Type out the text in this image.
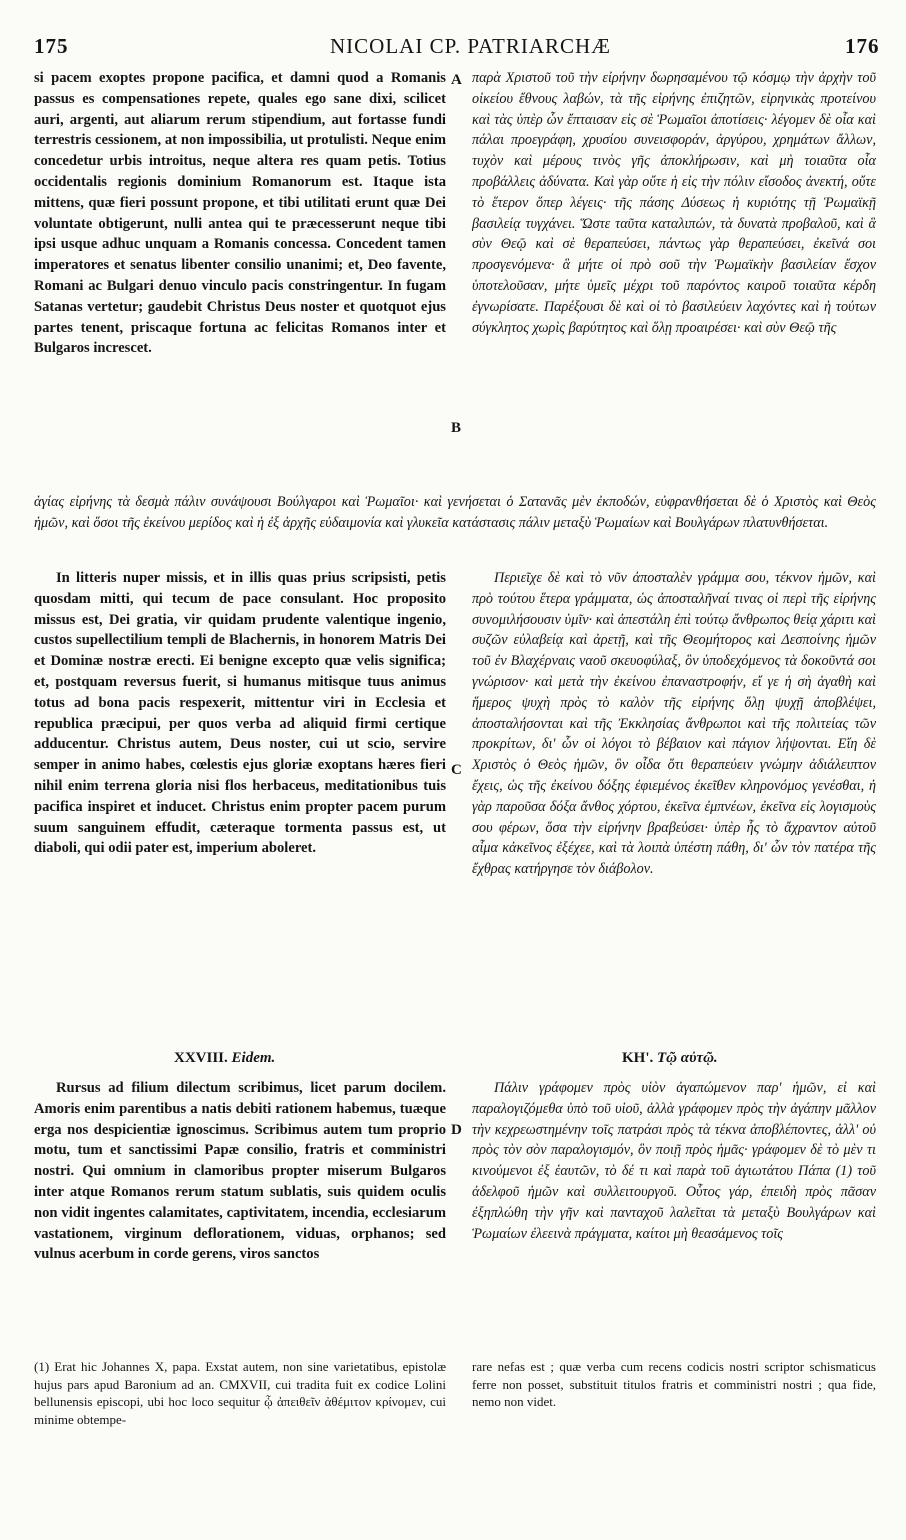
175	NICOLAI CP. PATRIARCHÆ	176
A
B
C
D

si pacem exoptes propone pacifica, et damni quod a Romanis passus es compensationes repete, quales ego sane dixi, scilicet auri, argenti, aut aliarum rerum stipendium, aut fortasse fundi terrestris cessionem, at non impossibilia, ut protulisti. Neque enim concedetur urbis introitus, neque altera res quam petis. Totius occidentalis regionis dominium Romanorum est. Itaque ista mittens, quæ fieri possunt propone, et tibi utilitati erunt quæ Dei voluntate obtigerunt, nulli antea qui te præcesserunt neque tibi ipsi usque adhuc unquam a Romanis concessa. Concedent tamen imperatores et senatus libenter consilio unanimi; et, Deo favente, Romani ac Bulgari denuo vinculo pacis constringentur. In fugam Satanas vertetur; gaudebit Christus Deus noster et quotquot ejus partes tenent, priscaque fortuna ac felicitas Romanos inter et Bulgaros increscet.

παρὰ Χριστοῦ τοῦ τὴν εἰρήνην δωρησαμένου τῷ κόσμῳ τὴν ἀρχὴν τοῦ οἰκείου ἔθνους λαβών, τὰ τῆς εἰρήνης ἐπιζητῶν, εἰρηνικὰς προτείνου καὶ τὰς ὑπὲρ ὧν ἔπταισαν εἰς σὲ Ῥωμαῖοι ἀποτίσεις· λέγομεν δὲ οἷα καὶ πάλαι προεγράφη, χρυσίου συνεισφοράν, ἀργύρου, χρημάτων ἄλλων, τυχὸν καὶ μέρους τινὸς γῆς ἀποκλήρωσιν, καὶ μὴ τοιαῦτα οἷα προβάλλεις ἀδύνατα. Καὶ γὰρ οὔτε ἡ εἰς τὴν πόλιν εἴσοδος ἀνεκτή, οὔτε τὸ ἕτερον ὅπερ λέγεις· τῆς πάσης Δύσεως ἡ κυριότης τῇ Ῥωμαϊκῇ βασιλείᾳ τυγχάνει. Ὥστε ταῦτα καταλιπών, τὰ δυνατὰ προβαλοῦ, καὶ ἃ σὺν Θεῷ καὶ σὲ θεραπεύσει, πάντως γὰρ θεραπεύσει, ἐκεῖνά σοι προσγενόμενα· ἃ μήτε οἱ πρὸ σοῦ τὴν Ῥωμαϊκὴν βασιλείαν ἔσχον ὑποτελοῦσαν, μήτε ὑμεῖς μέχρι τοῦ παρόντος καιροῦ τοιαῦτα κέρδη ἐγνωρίσατε. Παρέξουσι δὲ καὶ οἱ τὸ βασιλεύειν λαχόντες καὶ ἡ τούτων σύγκλητος χωρὶς βαρύτητος καὶ ὅλῃ προαιρέσει· καὶ σὺν Θεῷ τῆς

ἁγίας εἰρήνης τὰ δεσμὰ πάλιν συνάψουσι Βούλγαροι καὶ Ῥωμαῖοι· καὶ γενήσεται ὁ Σατανᾶς μὲν ἐκποδών, εὐφρανθήσεται δὲ ὁ Χριστὸς καὶ Θεὸς ἡμῶν, καὶ ὅσοι τῆς ἐκείνου μερίδος καὶ ἡ ἐξ ἀρχῆς εὐδαιμονία καὶ γλυκεῖα κατάστασις πάλιν μεταξὺ Ῥωμαίων καὶ Βουλγάρων πλατυνθήσεται.

In litteris nuper missis, et in illis quas prius scripsisti, petis quosdam mitti, qui tecum de pace consulant. Hoc proposito missus est, Dei gratia, vir quidam prudente valentique ingenio, custos supellectilium templi de Blachernis, in honorem Matris Dei et Dominæ nostræ erecti. Ei benigne excepto quæ velis significa; et, postquam reversus fuerit, si humanus mitisque tuus animus totus ad bona pacis respexerit, mittentur viri in Ecclesia et republica præcipui, per quos verba ad aliquid firmi certique adducentur. Christus autem, Deus noster, cui ut scio, servire semper in animo habes, cœlestis ejus gloriæ exoptans hæres fieri nihil enim terrena gloria nisi flos herbaceus, meditationibus tuis pacifica inspiret et inducet. Christus enim propter pacem purum suum sanguinem effudit, cæteraque tormenta passus est, ut diaboli, qui odii pater est, imperium aboleret.

Περιεῖχε δὲ καὶ τὸ νῦν ἀποσταλὲν γράμμα σου, τέκνον ἡμῶν, καὶ πρὸ τούτου ἕτερα γράμματα, ὡς ἀποσταλῆναί τινας οἱ περὶ τῆς εἰρήνης συνομιλήσουσιν ὑμῖν· καὶ ἀπεστάλη ἐπὶ τούτῳ ἄνθρωπος θείᾳ χάριτι καὶ συζῶν εὐλαβείᾳ καὶ ἀρετῇ, καὶ τῆς Θεομήτορος καὶ Δεσποίνης ἡμῶν τοῦ ἐν Βλαχέρναις ναοῦ σκευοφύλαξ, ὃν ὑποδεχόμενος τὰ δοκοῦντά σοι γνώρισον· καὶ μετὰ τὴν ἐκείνου ἐπαναστροφήν, εἴ γε ἡ σὴ ἀγαθὴ καὶ ἥμερος ψυχὴ πρὸς τὸ καλὸν τῆς εἰρήνης ὅλῃ ψυχῇ ἀποβλέψει, ἀποσταλήσονται καὶ τῆς Ἐκκλησίας ἄνθρωποι καὶ τῆς πολιτείας τῶν προκρίτων, δι' ὧν οἱ λόγοι τὸ βέβαιον καὶ πάγιον λήψονται. Εἴη δὲ Χριστὸς ὁ Θεὸς ἡμῶν, ὃν οἶδα ὅτι θεραπεύειν γνώμην ἀδιάλειπτον ἔχεις, ὡς τῆς ἐκείνου δόξης ἐφιεμένος ἐκεῖθεν κληρονόμος γενέσθαι, ἡ γὰρ παροῦσα δόξα ἄνθος χόρτου, ἐκεῖνα ἐμπνέων, ἐκεῖνα εἰς λογισμοὺς σου φέρων, ὅσα τὴν εἰρήνην βραβεύσει· ὑπὲρ ἧς τὸ ἄχραντον αὐτοῦ αἷμα κἀκεῖνος ἐξέχεε, καὶ τὰ λοιπὰ ὑπέστη πάθη, δι' ὧν τὸν πατέρα τῆς ἔχθρας κατήργησε τὸν διάβολον.

XXVIII. Eidem.	ΚΗ'. Τῷ αὐτῷ.

Rursus ad filium dilectum scribimus, licet parum docilem. Amoris enim parentibus a natis debiti rationem habemus, tuæque erga nos despicientiæ ignoscimus. Scribimus autem tum proprio motu, tum et sanctissimi Papæ consilio, fratris et comministri nostri. Qui omnium in clamoribus propter miserum Bulgaros inter atque Romanos rerum statum sublatis, suis quidem oculis non vidit ingentes calamitates, captivitatem, incendia, ecclesiarum vastationem, virginum deflorationem, viduas, orphanos; sed vulnus acerbum in corde gerens, viros sanctos

Πάλιν γράφομεν πρὸς υἱὸν ἀγαπώμενον παρ' ἡμῶν, εἰ καὶ παραλογιζόμεθα ὑπὸ τοῦ υἱοῦ, ἀλλὰ γράφομεν πρὸς τὴν ἀγάπην μᾶλλον τὴν κεχρεωστημένην τοῖς πατράσι πρὸς τὰ τέκνα ἀποβλέποντες, ἀλλ' οὐ πρὸς τὸν σὸν παραλογισμόν, ὃν ποιῇ πρὸς ἡμᾶς· γράφομεν δὲ τὸ μὲν τι κινούμενοι ἐξ ἑαυτῶν, τὸ δέ τι καὶ παρὰ τοῦ ἁγιωτάτου Πάπα (1) τοῦ ἀδελφοῦ ἡμῶν καὶ συλλειτουργοῦ. Οὗτος γάρ, ἐπειδὴ πρὸς πᾶσαν ἐξηπλώθη τὴν γῆν καὶ πανταχοῦ λαλεῖται τὰ μεταξὺ Βουλγάρων καὶ Ῥωμαίων ἐλεεινὰ πράγματα, καίτοι μὴ θεασάμενος τοῖς

(1) Erat hic Johannes X, papa. Exstat autem, non sine varietatibus, epistolæ hujus pars apud Baronium ad an. CMXVII, cui tradita fuit ex codice Lolini bellunensis episcopi, ubi hoc loco sequitur ᾧ ἀπειθεῖν ἀθέμιτον κρίνομεν, cui minime obtempe-

rare nefas est ; quæ verba cum recens codicis nostri scriptor schismaticus ferre non posset, substituit titulos fratris et comministri nostri ; qua fide, nemo non videt.
